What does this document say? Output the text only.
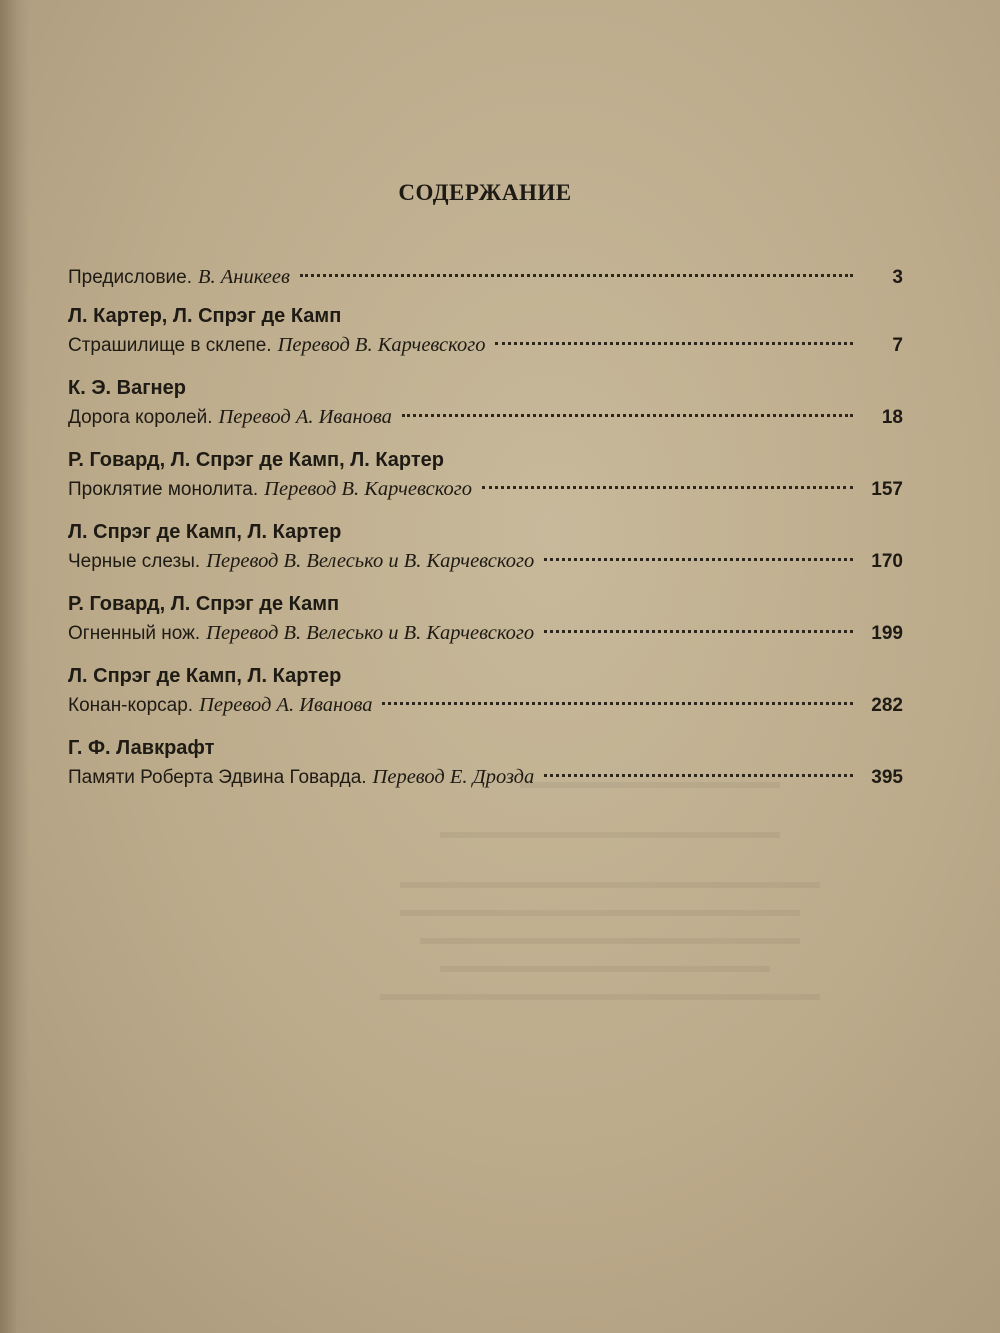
СОДЕРЖАНИЕ
Предисловие. В. Аникеев	3
Л. Картер, Л. Спрэг де Камп
Страшилище в склепе. Перевод В. Карчевского	7
К. Э. Вагнер
Дорога королей. Перевод А. Иванова	18
Р. Говард, Л. Спрэг де Камп, Л. Картер
Проклятие монолита. Перевод В. Карчевского	157
Л. Спрэг де Камп, Л. Картер
Черные слезы. Перевод В. Велесько и В. Карчевского	170
Р. Говард, Л. Спрэг де Камп
Огненный нож. Перевод В. Велесько и В. Карчевского	199
Л. Спрэг де Камп, Л. Картер
Конан-корсар. Перевод А. Иванова	282
Г. Ф. Лавкрафт
Памяти Роберта Эдвина Говарда. Перевод Е. Дрозда	395
